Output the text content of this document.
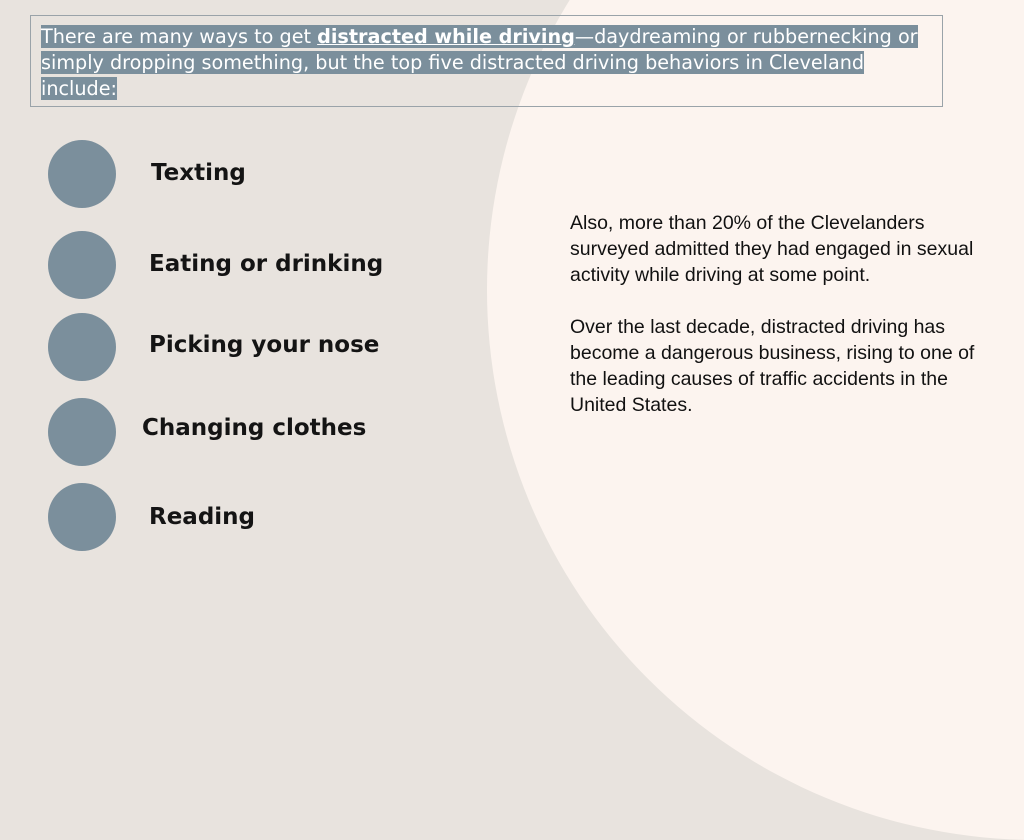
There are many ways to get distracted while driving—daydreaming or rubbernecking or simply dropping something, but the top five distracted driving behaviors in Cleveland include:

Texting
Eating or drinking
Picking your nose
Changing clothes
Reading

Also, more than 20% of the Clevelanders surveyed admitted they had engaged in sexual activity while driving at some point.

Over the last decade, distracted driving has become a dangerous business, rising to one of the leading causes of traffic accidents in the United States.
